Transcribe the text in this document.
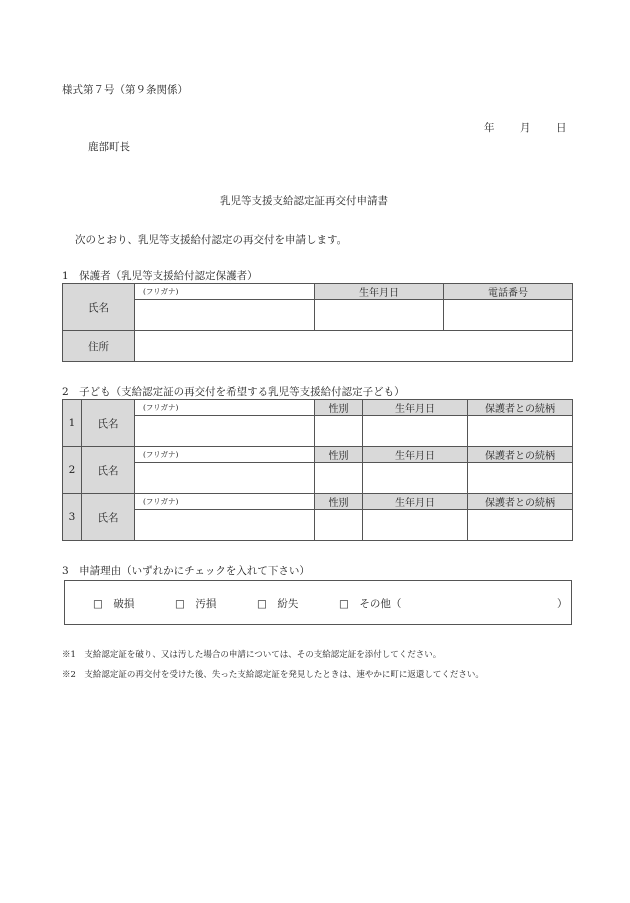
様式第７号（第９条関係）
年 月 日
鹿部町長
乳児等支援支給認定証再交付申請書
次のとおり、乳児等支援給付認定の再交付を申請します。
1　保護者（乳児等支援給付認定保護者）
氏名	(フリガナ)	生年月日	電話番号

住所			
2　子ども（支給認定証の再交付を希望する乳児等支援給付認定子ども）
1	氏名	(フリガナ)	性別	生年月日	保護者との続柄

2	氏名	(フリガナ)	性別	生年月日	保護者との続柄

3	氏名	(フリガナ)	性別	生年月日	保護者との続柄

3　申請理由（いずれかにチェックを入れて下さい）
□　破損	□　汚損	□　紛失	□　その他（	）
※1　支給認定証を破り、又は汚した場合の申請については、その支給認定証を添付してください。
※2　支給認定証の再交付を受けた後、失った支給認定証を発見したときは、速やかに町に返還してください。
